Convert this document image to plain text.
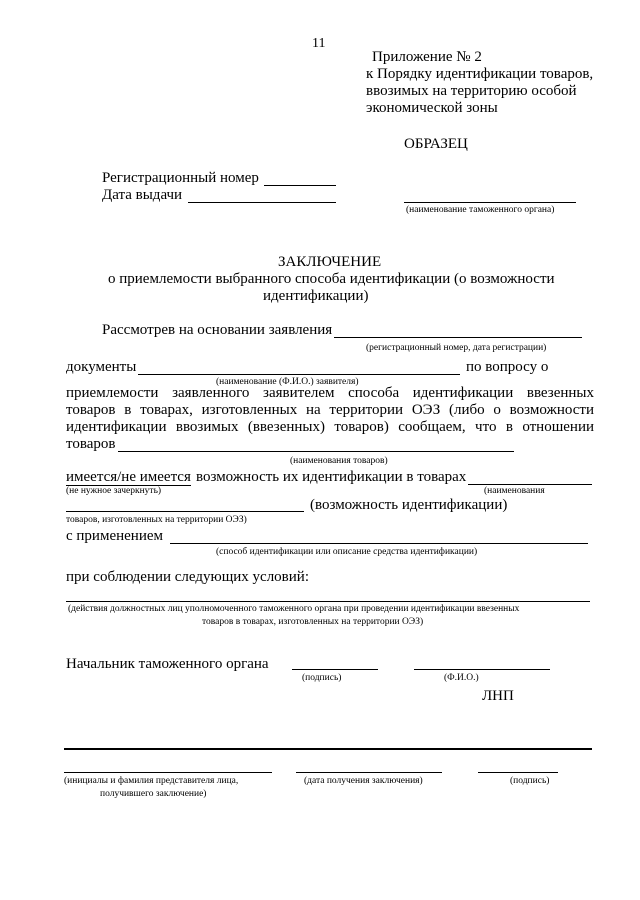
11
Приложение № 2
к Порядку идентификации товаров,
ввозимых на территорию особой
экономической зоны
ОБРАЗЕЦ
Регистрационный номер
Дата выдачи
(наименование таможенного органа)
ЗАКЛЮЧЕНИЕ
о приемлемости выбранного способа идентификации (о возможности
идентификации)
Рассмотрев на основании заявления
(регистрационный номер, дата регистрации)
документы	по вопросу о
(наименование (Ф.И.О.) заявителя)
приемлемости заявленного заявителем способа идентификации ввезенных
товаров в товарах, изготовленных на территории ОЭЗ (либо о возможности
идентификации ввозимых (ввезенных) товаров) сообщаем, что в отношении
товаров
(наименования товаров)
имеется/не имеется возможность их идентификации в товарах
(не нужное зачеркнуть)	(наименования
(возможность идентификации)
товаров, изготовленных на территории ОЭЗ)
с применением
(способ идентификации или описание средства идентификации)
при соблюдении следующих условий:
(действия должностных лиц уполномоченного таможенного органа при проведении идентификации ввезенных
товаров в товарах, изготовленных на территории ОЭЗ)
Начальник таможенного органа
(подпись)	(Ф.И.О.)
ЛНП
(инициалы и фамилия представителя лица,
получившего заключение)
(дата получения заключения)	(подпись)
